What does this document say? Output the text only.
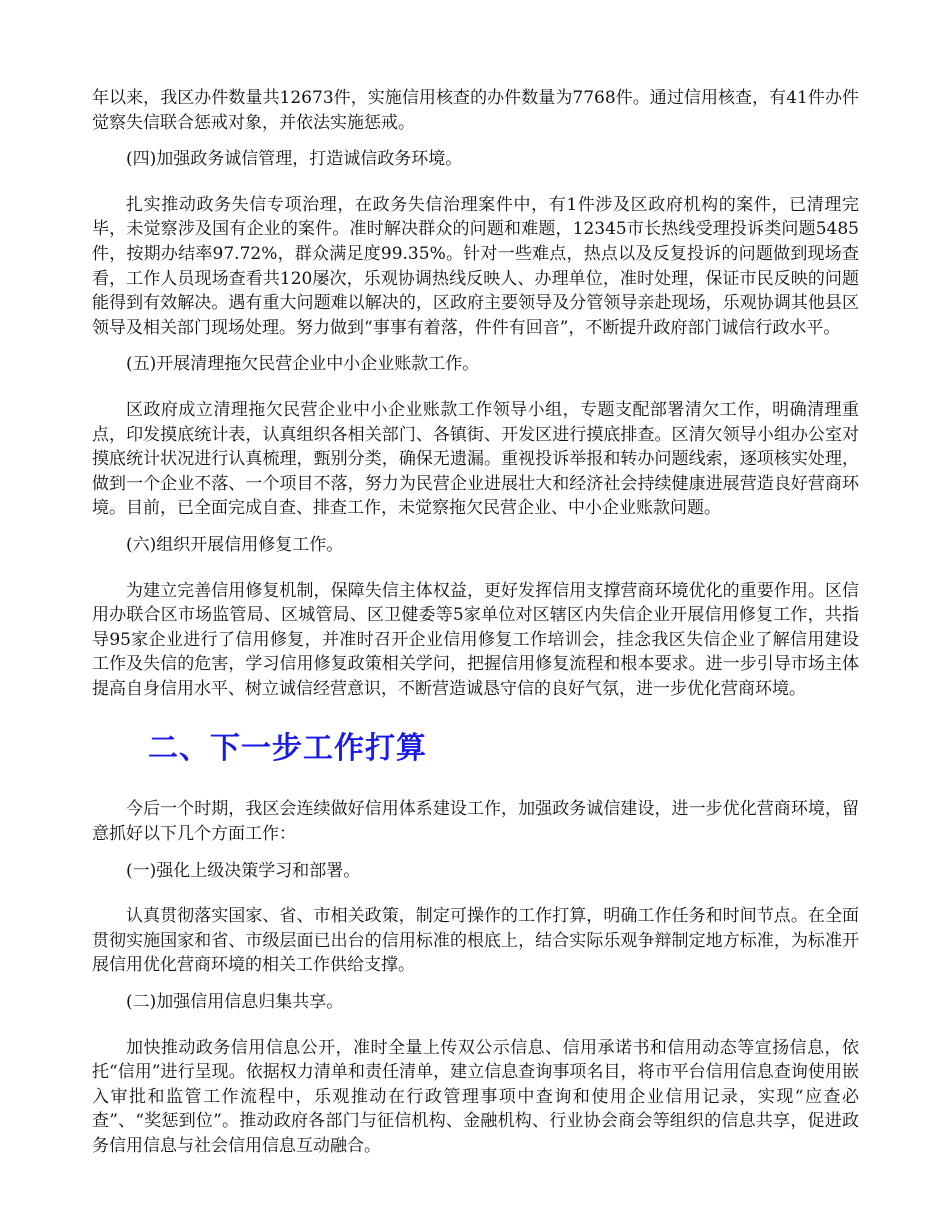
年以来，我区办件数量共12673件，实施信用核查的办件数量为7768件。通过信用核查，有41件办件觉察失信联合惩戒对象，并依法实施惩戒。

(四)加强政务诚信管理，打造诚信政务环境。

扎实推动政务失信专项治理，在政务失信治理案件中，有1件涉及区政府机构的案件，已清理完毕，未觉察涉及国有企业的案件。准时解决群众的问题和难题，12345市长热线受理投诉类问题5485件，按期办结率97.72%，群众满足度99.35%。针对一些难点，热点以及反复投诉的问题做到现场查看，工作人员现场查看共120屡次，乐观协调热线反映人、办理单位，准时处理，保证市民反映的问题能得到有效解决。遇有重大问题难以解决的，区政府主要领导及分管领导亲赴现场，乐观协调其他县区领导及相关部门现场处理。努力做到“事事有着落，件件有回音”，不断提升政府部门诚信行政水平。

(五)开展清理拖欠民营企业中小企业账款工作。

区政府成立清理拖欠民营企业中小企业账款工作领导小组，专题支配部署清欠工作，明确清理重点，印发摸底统计表，认真组织各相关部门、各镇街、开发区进行摸底排查。区清欠领导小组办公室对摸底统计状况进行认真梳理，甄别分类，确保无遗漏。重视投诉举报和转办问题线索，逐项核实处理，做到一个企业不落、一个项目不落，努力为民营企业进展壮大和经济社会持续健康进展营造良好营商环境。目前，已全面完成自查、排查工作，未觉察拖欠民营企业、中小企业账款问题。

(六)组织开展信用修复工作。

为建立完善信用修复机制，保障失信主体权益，更好发挥信用支撑营商环境优化的重要作用。区信用办联合区市场监管局、区城管局、区卫健委等5家单位对区辖区内失信企业开展信用修复工作，共指导95家企业进行了信用修复，并准时召开企业信用修复工作培训会，挂念我区失信企业了解信用建设工作及失信的危害，学习信用修复政策相关学问，把握信用修复流程和根本要求。进一步引导市场主体提高自身信用水平、树立诚信经营意识，不断营造诚恳守信的良好气氛，进一步优化营商环境。

二、下一步工作打算

今后一个时期，我区会连续做好信用体系建设工作，加强政务诚信建设，进一步优化营商环境，留意抓好以下几个方面工作：

(一)强化上级决策学习和部署。

认真贯彻落实国家、省、市相关政策，制定可操作的工作打算，明确工作任务和时间节点。在全面贯彻实施国家和省、市级层面已出台的信用标准的根底上，结合实际乐观争辩制定地方标准，为标准开展信用优化营商环境的相关工作供给支撑。

(二)加强信用信息归集共享。

加快推动政务信用信息公开，准时全量上传双公示信息、信用承诺书和信用动态等宣扬信息，依托“信用”进行呈现。依据权力清单和责任清单，建立信息查询事项名目，将市平台信用信息查询使用嵌入审批和监管工作流程中，乐观推动在行政管理事项中查询和使用企业信用记录，实现“应查必查”、“奖惩到位”。推动政府各部门与征信机构、金融机构、行业协会商会等组织的信息共享，促进政务信用信息与社会信用信息互动融合。
